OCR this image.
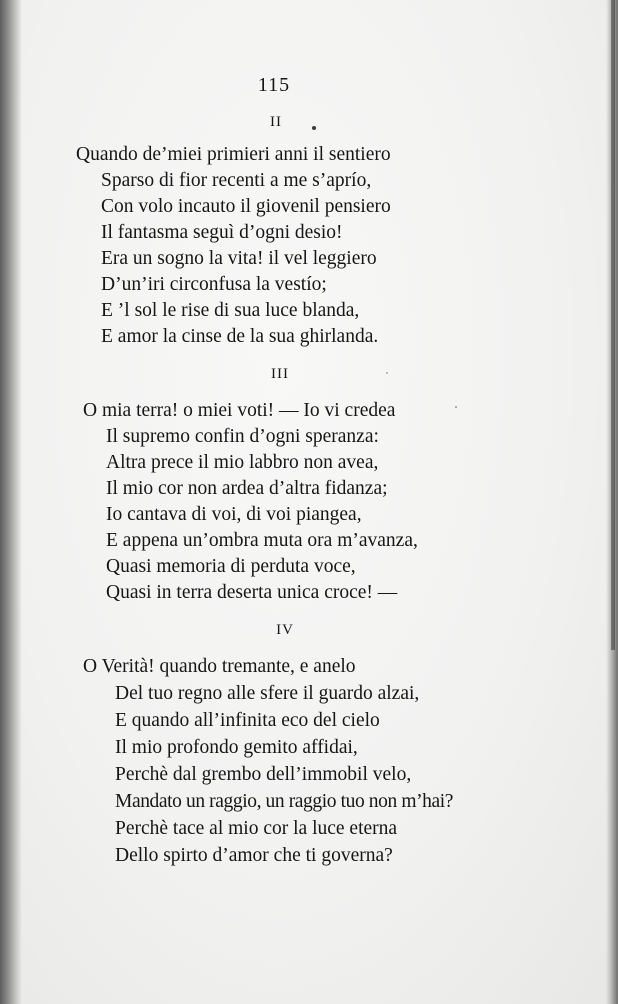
115
II
Quando de’miei primieri anni il sentiero
Sparso di fior recenti a me s’aprío,
Con volo incauto il giovenil pensiero
Il fantasma seguì d’ogni desio!
Era un sogno la vita! il vel leggiero
D’un’iri circonfusa la vestío;
E ’l sol le rise di sua luce blanda,
E amor la cinse de la sua ghirlanda.
III
O mia terra! o miei voti! — Io vi credea
Il supremo confin d’ogni speranza:
Altra prece il mio labbro non avea,
Il mio cor non ardea d’altra fidanza;
Io cantava di voi, di voi piangea,
E appena un’ombra muta ora m’avanza,
Quasi memoria di perduta voce,
Quasi in terra deserta unica croce! —
IV
O Verità! quando tremante, e anelo
Del tuo regno alle sfere il guardo alzai,
E quando all’infinita eco del cielo
Il mio profondo gemito affidai,
Perchè dal grembo dell’immobil velo,
Mandato un raggio, un raggio tuo non m’hai?
Perchè tace al mio cor la luce eterna
Dello spirto d’amor che ti governa?
